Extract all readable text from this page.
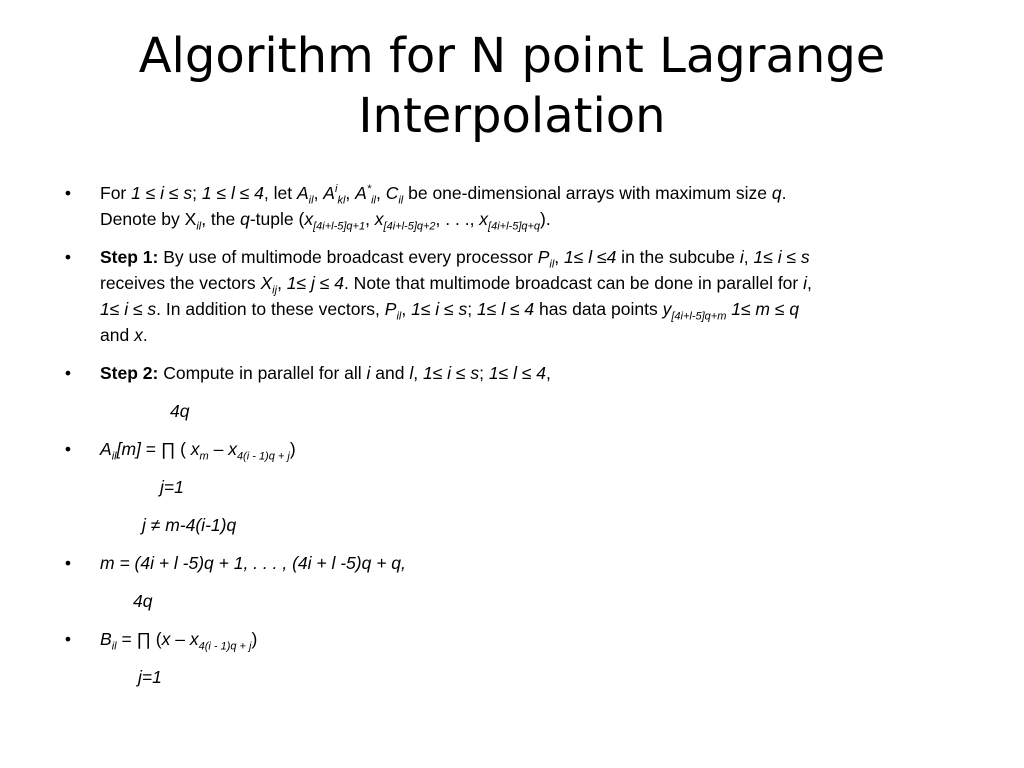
Algorithm for N point Lagrange
Interpolation
• For 1 ≤ i ≤ s; 1 ≤ l ≤ 4, let $A_{il}$, $A^i_{kl}$, $A^*_{il}$, $C_{il}$ be one-dimensional arrays with maximum size q.
Denote by $X_{il}$, the q-tuple ($x_{[4i+l-5]q+1}$, $x_{[4i+l-5]q+2}$, . . ., $x_{[4i+l-5]q+q}$).
• Step 1: By use of multimode broadcast every processor $P_{il}$, 1≤ l ≤4 in the subcube i, 1≤ i ≤ s
receives the vectors $X_{ij}$, 1≤ j ≤ 4. Note that multimode broadcast can be done in parallel for i,
1≤ i ≤ s. In addition to these vectors, $P_{il}$, 1≤ i ≤ s; 1≤ l ≤ 4 has data points $y_{[4i+l-5]q+m}$ 1≤ m ≤ q
and x.
• Step 2: Compute in parallel for all i and l, 1≤ i ≤ s; 1≤ l ≤ 4,
4q
• $A_{il}[m]$ = ∏ ( $x_m - x_{4(i - 1)q + j}$)
j=1
j ≠ m-4(i-1)q
• m = (4i + l -5)q + 1, . . . , (4i + l -5)q + q,
4q
• $B_{il}$ = ∏ $(x - x_{4(i - 1)q + j})$
j=1
